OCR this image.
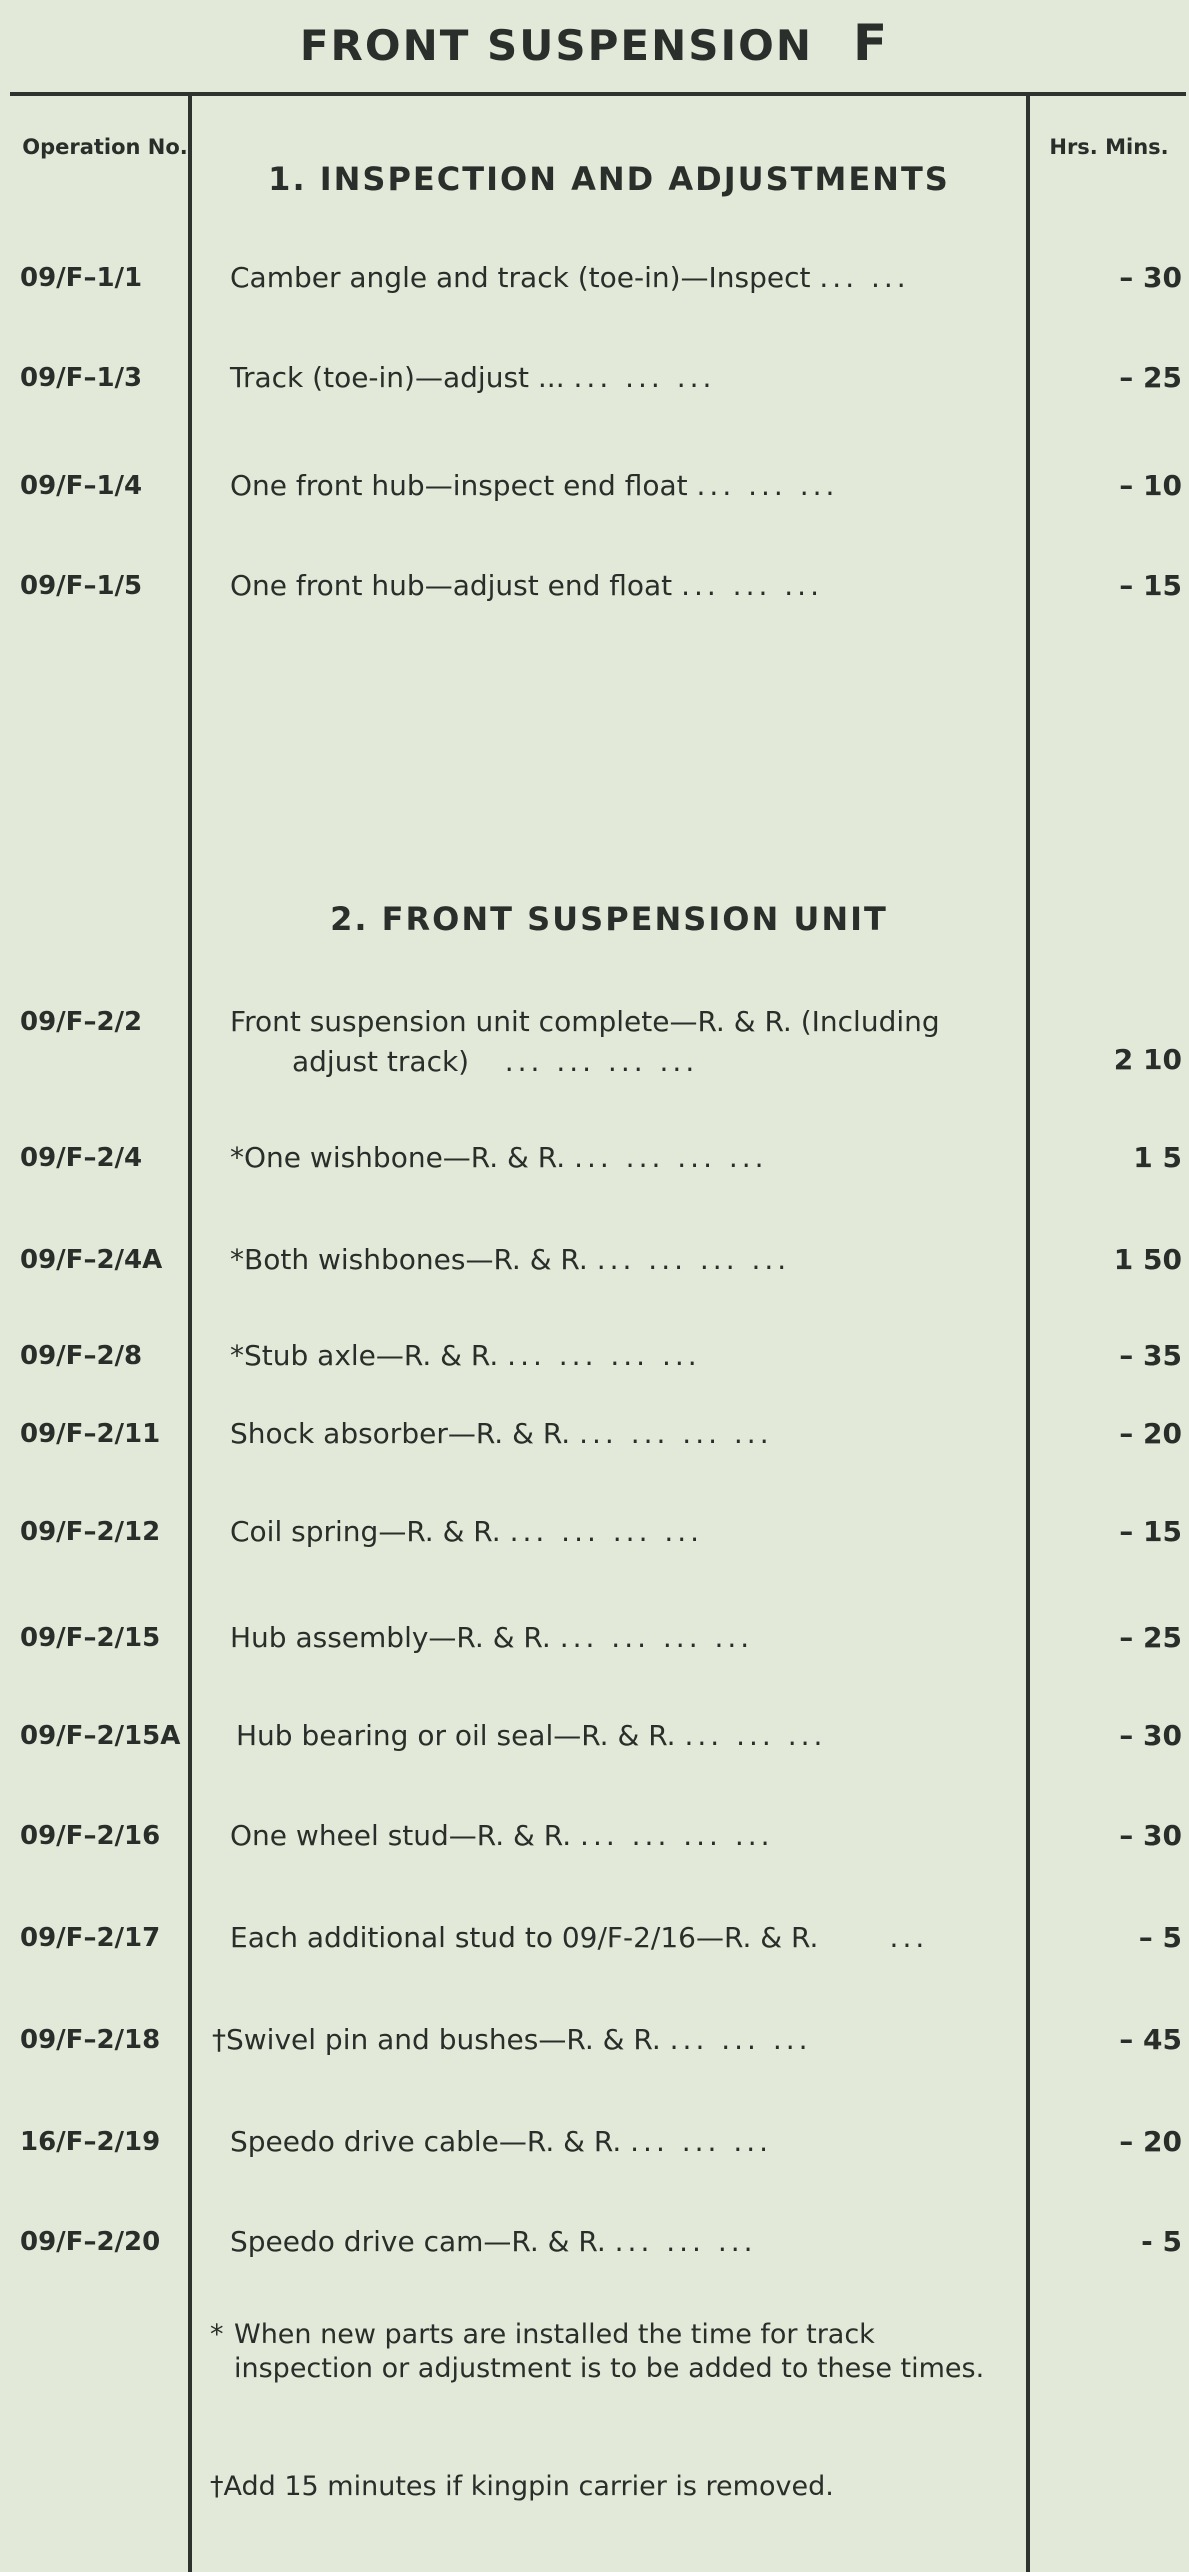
FRONT SUSPENSION F
Operation No.	Hrs. Mins.
1. INSPECTION AND ADJUSTMENTS
09/F–1/1	Camber angle and track (toe-in)—Inspect ... ...	– 30
09/F–1/3	Track (toe-in)—adjust ... ... ... ...	– 25
09/F–1/4	One front hub—inspect end float ... ... ...	– 10
09/F–1/5	One front hub—adjust end float ... ... ...	– 15
2. FRONT SUSPENSION UNIT
09/F–2/2	Front suspension unit complete—R. & R. (Including
adjust track) ... ... ... ...	2 10
09/F–2/4	*One wishbone—R. & R. ... ... ... ...	1 5
09/F–2/4A	*Both wishbones—R. & R. ... ... ... ...	1 50
09/F–2/8	*Stub axle—R. & R. ... ... ... ...	– 35
09/F–2/11	Shock absorber—R. & R. ... ... ... ...	– 20
09/F–2/12	Coil spring—R. & R. ... ... ... ...	– 15
09/F–2/15	Hub assembly—R. & R. ... ... ... ...	– 25
09/F–2/15A	Hub bearing or oil seal—R. & R. ... ... ...	– 30
09/F–2/16	One wheel stud—R. & R. ... ... ... ...	– 30
09/F–2/17	Each additional stud to 09/F-2/16—R. & R.	...	– 5
09/F–2/18	†Swivel pin and bushes—R. & R. ... ... ...	– 45
16/F–2/19	Speedo drive cable—R. & R. ... ... ...	– 20
09/F–2/20	Speedo drive cam—R. & R. ... ... ...	- 5
* When new parts are installed the time for track inspection or adjustment is to be added to these times.
†Add 15 minutes if kingpin carrier is removed.
